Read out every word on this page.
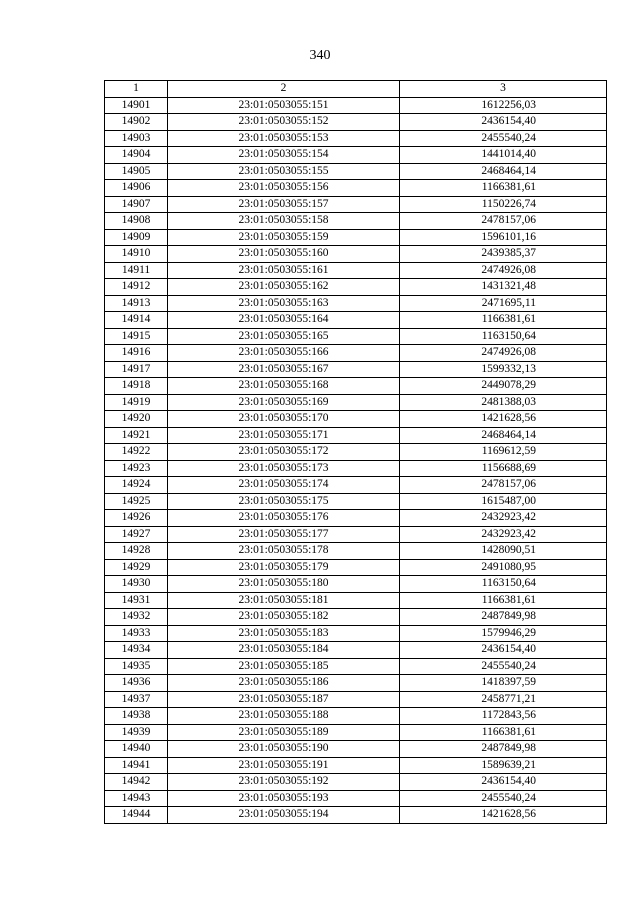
340
1	2	3
14901	23:01:0503055:151	1612256,03
14902	23:01:0503055:152	2436154,40
14903	23:01:0503055:153	2455540,24
14904	23:01:0503055:154	1441014,40
14905	23:01:0503055:155	2468464,14
14906	23:01:0503055:156	1166381,61
14907	23:01:0503055:157	1150226,74
14908	23:01:0503055:158	2478157,06
14909	23:01:0503055:159	1596101,16
14910	23:01:0503055:160	2439385,37
14911	23:01:0503055:161	2474926,08
14912	23:01:0503055:162	1431321,48
14913	23:01:0503055:163	2471695,11
14914	23:01:0503055:164	1166381,61
14915	23:01:0503055:165	1163150,64
14916	23:01:0503055:166	2474926,08
14917	23:01:0503055:167	1599332,13
14918	23:01:0503055:168	2449078,29
14919	23:01:0503055:169	2481388,03
14920	23:01:0503055:170	1421628,56
14921	23:01:0503055:171	2468464,14
14922	23:01:0503055:172	1169612,59
14923	23:01:0503055:173	1156688,69
14924	23:01:0503055:174	2478157,06
14925	23:01:0503055:175	1615487,00
14926	23:01:0503055:176	2432923,42
14927	23:01:0503055:177	2432923,42
14928	23:01:0503055:178	1428090,51
14929	23:01:0503055:179	2491080,95
14930	23:01:0503055:180	1163150,64
14931	23:01:0503055:181	1166381,61
14932	23:01:0503055:182	2487849,98
14933	23:01:0503055:183	1579946,29
14934	23:01:0503055:184	2436154,40
14935	23:01:0503055:185	2455540,24
14936	23:01:0503055:186	1418397,59
14937	23:01:0503055:187	2458771,21
14938	23:01:0503055:188	1172843,56
14939	23:01:0503055:189	1166381,61
14940	23:01:0503055:190	2487849,98
14941	23:01:0503055:191	1589639,21
14942	23:01:0503055:192	2436154,40
14943	23:01:0503055:193	2455540,24
14944	23:01:0503055:194	1421628,56
